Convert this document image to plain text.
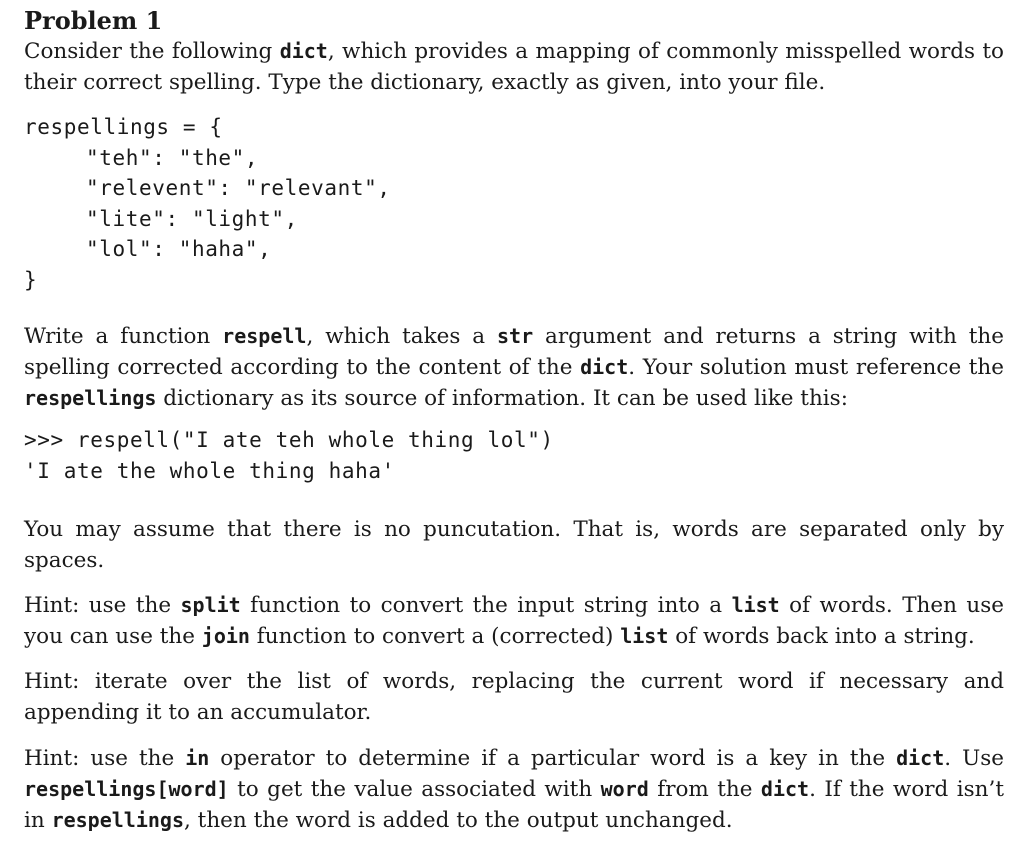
Problem 1

Consider the following dict, which provides a mapping of commonly misspelled words to their correct spelling. Type the dictionary, exactly as given, into your file.

respellings = {
"teh": "the",
"relevent": "relevant",
"lite": "light",
"lol": "haha",
}

Write a function respell, which takes a str argument and returns a string with the spelling corrected according to the content of the dict. Your solution must reference the respellings dictionary as its source of information. It can be used like this:

>>> respell("I ate teh whole thing lol")
'I ate the whole thing haha'

You may assume that there is no puncutation. That is, words are separated only by spaces.

Hint: use the split function to convert the input string into a list of words. Then use you can use the join function to convert a (corrected) list of words back into a string.

Hint: iterate over the list of words, replacing the current word if necessary and appending it to an accumulator.

Hint: use the in operator to determine if a particular word is a key in the dict. Use respellings[word] to get the value associated with word from the dict. If the word isn’t in respellings, then the word is added to the output unchanged.
